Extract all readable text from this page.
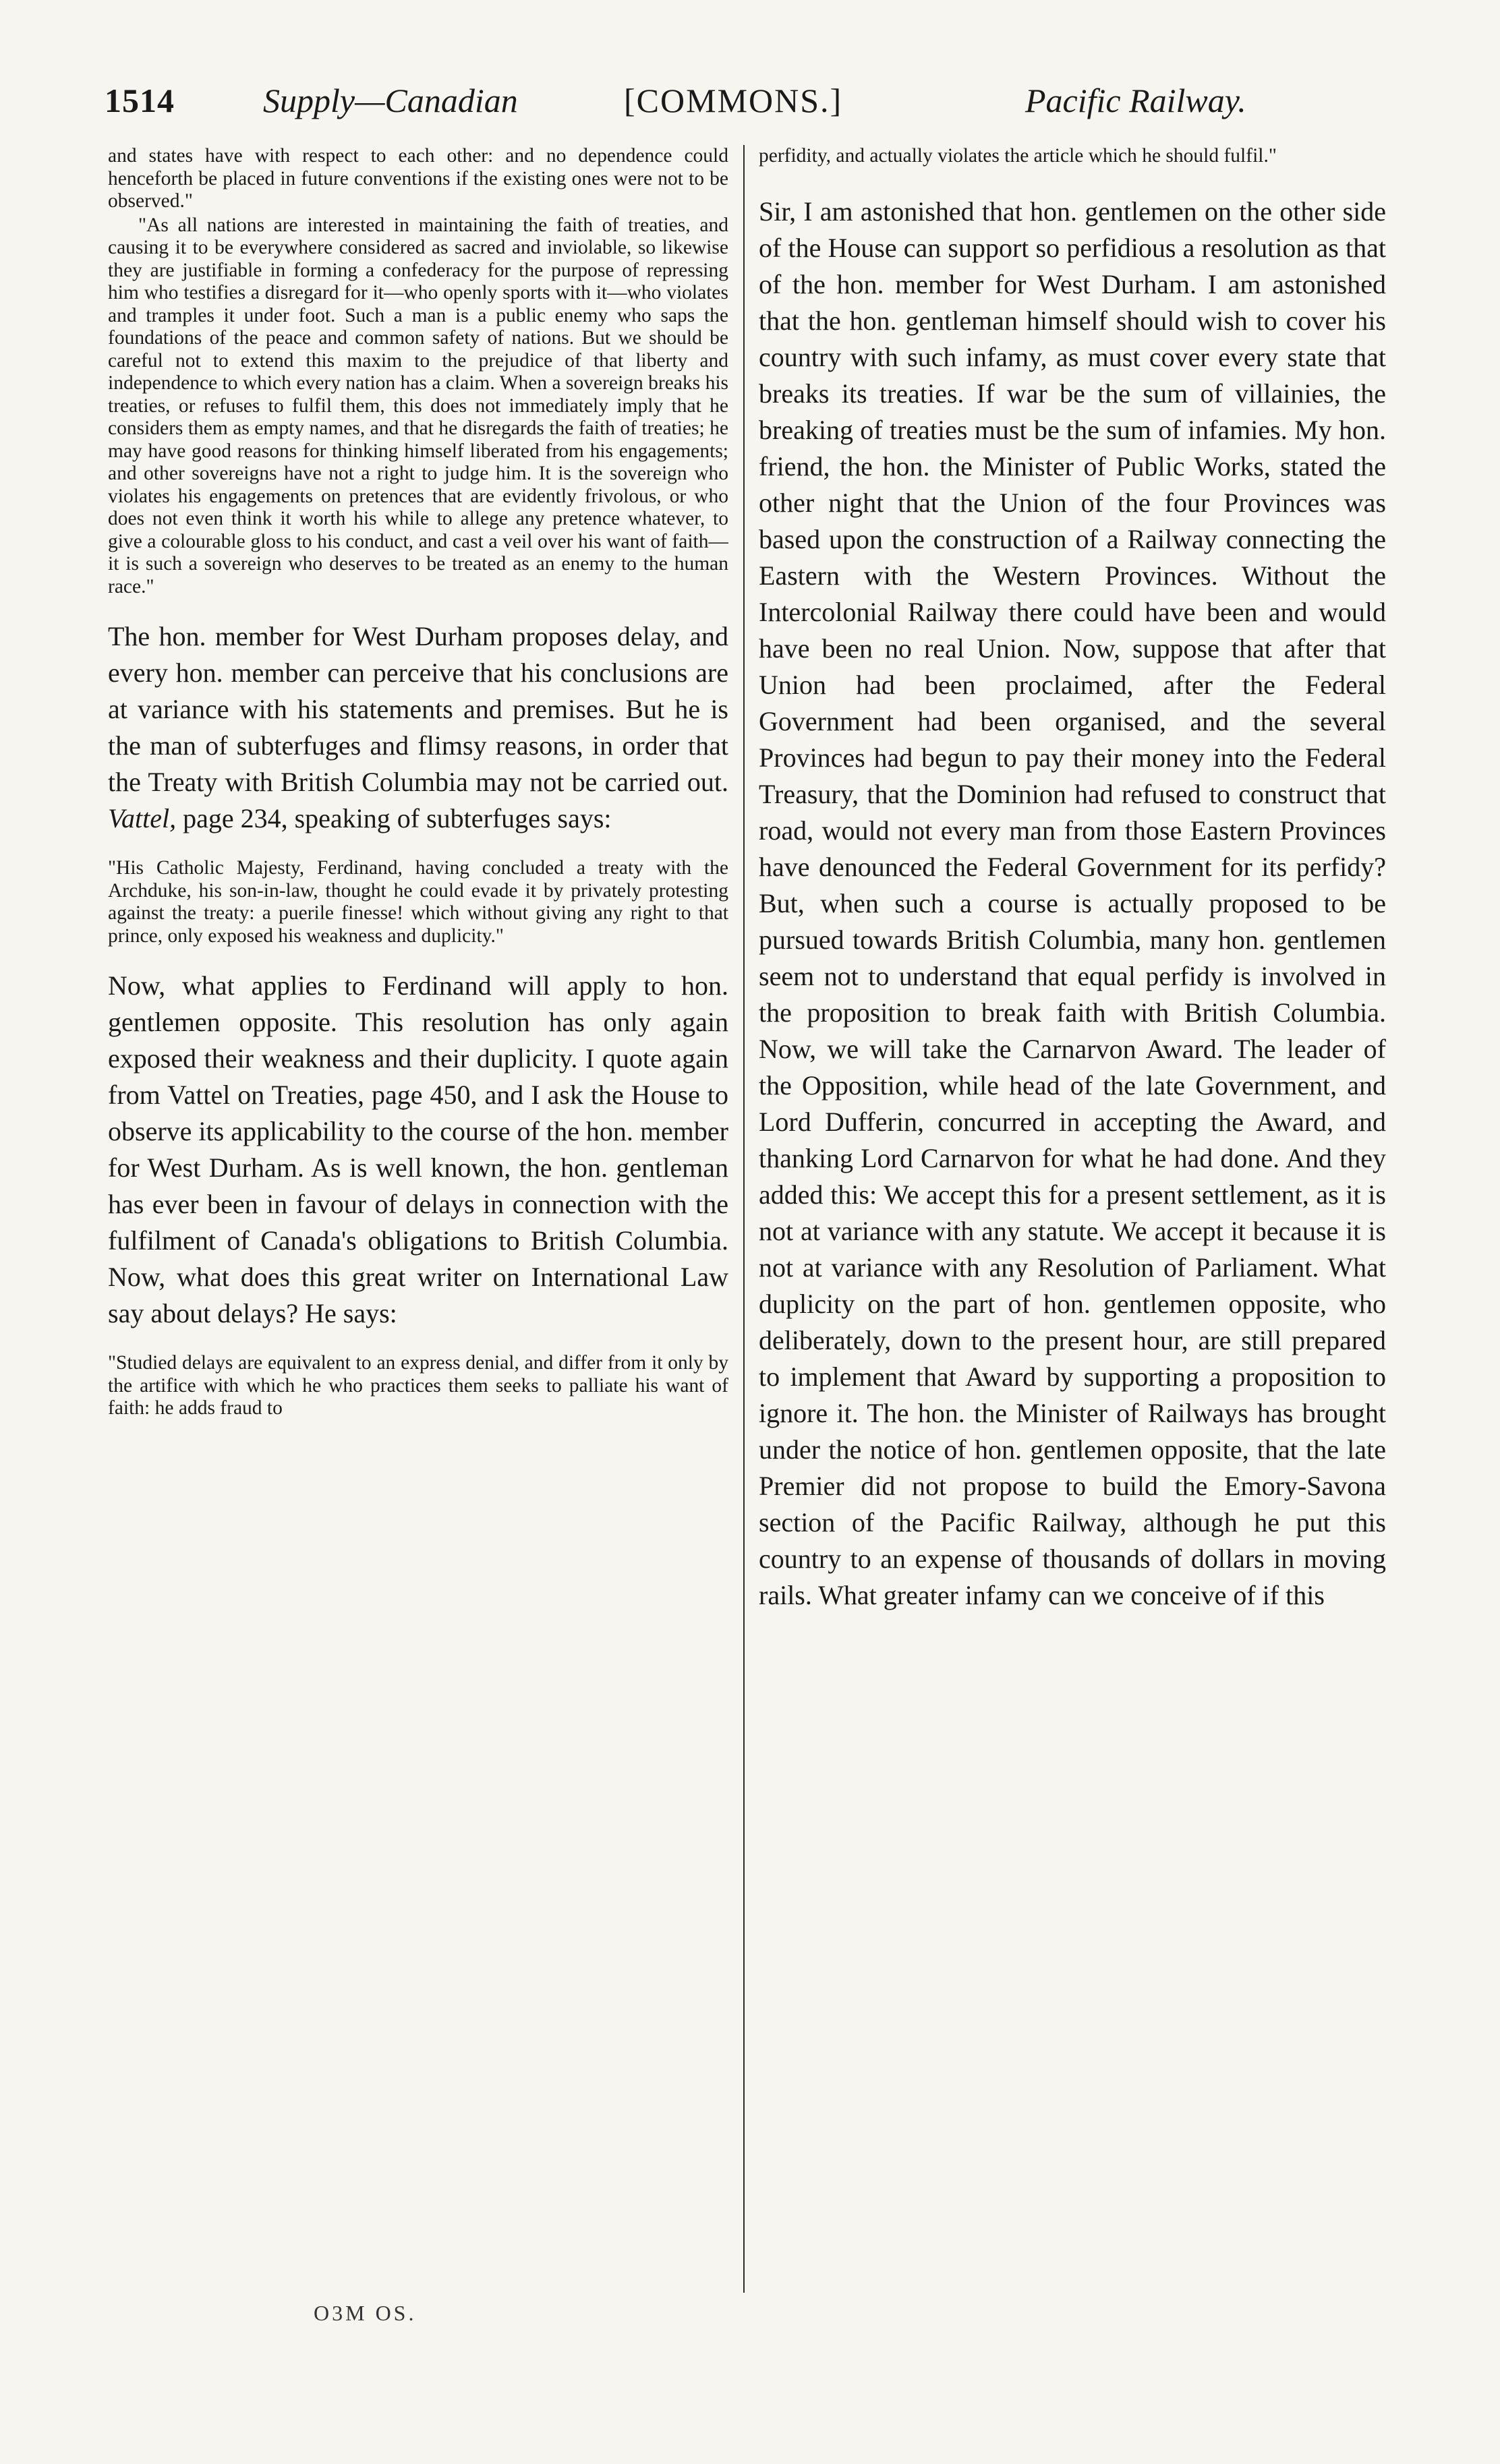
1514	Supply—Canadian	[COMMONS.]	Pacific Railway.

and states have with respect to each other: and no dependence could henceforth be placed in future conventions if the existing ones were not to be observed."

"As all nations are interested in maintaining the faith of treaties, and causing it to be everywhere considered as sacred and inviolable, so likewise they are justifiable in forming a confederacy for the purpose of repressing him who testifies a disregard for it—who openly sports with it—who violates and tramples it under foot. Such a man is a public enemy who saps the foundations of the peace and common safety of nations. But we should be careful not to extend this maxim to the prejudice of that liberty and independence to which every nation has a claim. When a sovereign breaks his treaties, or refuses to fulfil them, this does not immediately imply that he considers them as empty names, and that he disregards the faith of treaties; he may have good reasons for thinking himself liberated from his engagements; and other sovereigns have not a right to judge him. It is the sovereign who violates his engagements on pretences that are evidently frivolous, or who does not even think it worth his while to allege any pretence whatever, to give a colourable gloss to his conduct, and cast a veil over his want of faith—it is such a sovereign who deserves to be treated as an enemy to the human race."

The hon. member for West Durham proposes delay, and every hon. member can perceive that his conclusions are at variance with his statements and premises. But he is the man of subterfuges and flimsy reasons, in order that the Treaty with British Columbia may not be carried out. Vattel, page 234, speaking of subterfuges says:

"His Catholic Majesty, Ferdinand, having concluded a treaty with the Archduke, his son-in-law, thought he could evade it by privately protesting against the treaty: a puerile finesse! which without giving any right to that prince, only exposed his weakness and duplicity."

Now, what applies to Ferdinand will apply to hon. gentlemen opposite. This resolution has only again exposed their weakness and their duplicity. I quote again from Vattel on Treaties, page 450, and I ask the House to observe its applicability to the course of the hon. member for West Durham. As is well known, the hon. gentleman has ever been in favour of delays in connection with the fulfilment of Canada's obligations to British Columbia. Now, what does this great writer on International Law say about delays? He says:

"Studied delays are equivalent to an express denial, and differ from it only by the artifice with which he who practices them seeks to palliate his want of faith: he adds fraud to

perfidity, and actually violates the article which he should fulfil."

Sir, I am astonished that hon. gentlemen on the other side of the House can support so perfidious a resolution as that of the hon. member for West Durham. I am astonished that the hon. gentleman himself should wish to cover his country with such infamy, as must cover every state that breaks its treaties. If war be the sum of villainies, the breaking of treaties must be the sum of infamies. My hon. friend, the hon. the Minister of Public Works, stated the other night that the Union of the four Provinces was based upon the construction of a Railway connecting the Eastern with the Western Provinces. Without the Intercolonial Railway there could have been and would have been no real Union. Now, suppose that after that Union had been proclaimed, after the Federal Government had been organised, and the several Provinces had begun to pay their money into the Federal Treasury, that the Dominion had refused to construct that road, would not every man from those Eastern Provinces have denounced the Federal Government for its perfidy? But, when such a course is actually proposed to be pursued towards British Columbia, many hon. gentlemen seem not to understand that equal perfidy is involved in the proposition to break faith with British Columbia. Now, we will take the Carnarvon Award. The leader of the Opposition, while head of the late Government, and Lord Dufferin, concurred in accepting the Award, and thanking Lord Carnarvon for what he had done. And they added this: We accept this for a present settlement, as it is not at variance with any statute. We accept it because it is not at variance with any Resolution of Parliament. What duplicity on the part of hon. gentlemen opposite, who deliberately, down to the present hour, are still prepared to implement that Award by supporting a proposition to ignore it. The hon. the Minister of Railways has brought under the notice of hon. gentlemen opposite, that the late Premier did not propose to build the Emory-Savona section of the Pacific Railway, although he put this country to an expense of thousands of dollars in moving rails. What greater infamy can we conceive of if this

O3M OS.
